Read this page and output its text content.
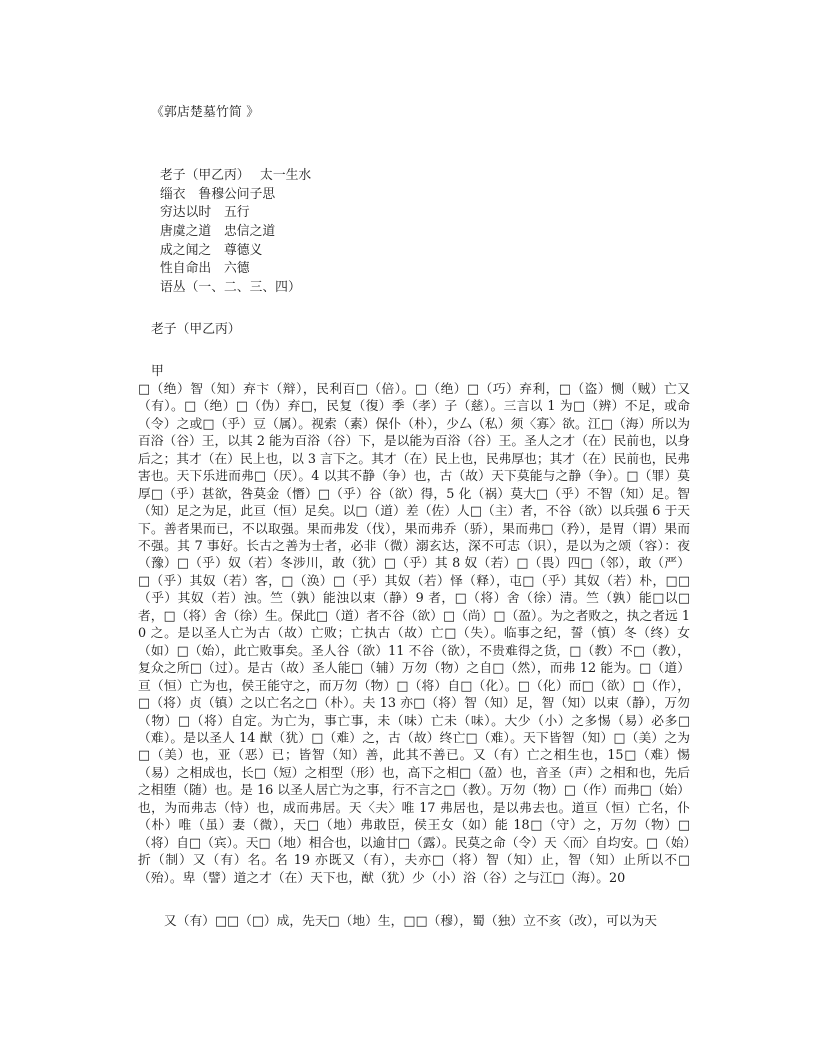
《郭店楚墓竹简 》
老子（甲乙丙）　 太一生水
缁衣　鲁穆公问子思
穷达以时　五行
唐虞之道　忠信之道
成之闻之　尊德义
性自命出　六德
语丛（一、二、三、四）
老子（甲乙丙）
甲

□（绝）智（知）弃卞（辩），民利百□（倍）。□（绝）□（巧）弃利，□（盗）恻（贼）亡又（有）。□（绝）□（伪）弃□，民复（復）季（孝）子（慈）。三言以 1 为□（辨）不足，或命（令）之或□（乎）豆（属）。视索（素）保仆（朴），少厶（私）须〈寡〉欲。江□（海）所以为百浴（谷）王，以其 2 能为百浴（谷）下，是以能为百浴（谷）王。圣人之才（在）民前也，以身后之；其才（在）民上也，以 3 言下之。其才（在）民上也，民弗厚也；其才（在）民前也，民弗害也。天下乐进而弗□（厌）。4 以其不静（争）也，古（故）天下莫能与之静（争）。□（罪）莫厚□（乎）甚欲，咎莫金（憯）□（乎）谷（欲）得，5 化（祸）莫大□（乎）不智（知）足。智（知）足之为足，此亘（恒）足矣。以□（道）差（佐）人□（主）者，不谷（欲）以兵强 6 于天下。善者果而已，不以取强。果而弗发（伐），果而弗乔（骄），果而弗□（矜），是胃（谓）果而不强。其 7 事好。长古之善为士者，必非（微）溺玄达，深不可志（识），是以为之颂（容）：夜（豫）□（乎）奴（若）冬涉川，敢（犹）□（乎）其 8 奴（若）□（畏）四□（邻），敢（严）□（乎）其奴（若）客，□（涣）□（乎）其奴（若）怿（释），屯□（乎）其奴（若）朴，□□（乎）其奴（若）浊。竺（孰）能浊以束（静）9 者，□（将）舍（徐）清。竺（孰）能□以□者，□（将）舍（徐）生。保此□（道）者不谷（欲）□（尚）□（盈）。为之者败之，执之者远 10 之。是以圣人亡为古（故）亡败；亡执古（故）亡□（失）。临事之纪，誓（慎）冬（终）女（如）□（始），此亡败事矣。圣人谷（欲）11 不谷（欲），不贵难得之货，□（教）不□（教），复众之所□（过）。是古（故）圣人能□（辅）万勿（物）之自□（然），而弗 12 能为。□（道）亘（恒）亡为也，侯王能守之，而万勿（物）□（将）自□（化）。□（化）而□（欲）□（作），□（将）贞（镇）之以亡名之□（朴）。夫 13 亦□（将）智（知）足，智（知）以束（静），万勿（物）□（将）自定。为亡为，事亡事，未（味）亡未（味）。大少（小）之多惕（易）必多□（难）。是以圣人 14 猷（犹）□（难）之，古（故）终亡□（难）。天下皆智（知）□（美）之为□（美）也，亚（恶）已；皆智（知）善，此其不善已。又（有）亡之相生也，15□（难）惕（易）之相成也，长□（短）之相型（形）也，高下之相□（盈）也，音圣（声）之相和也，先后之相堕（随）也。是 16 以圣人居亡为之事，行不言之□（教）。万勿（物）□（作）而弗□（始）也，为而弗志（恃）也，成而弗居。天〈夫〉唯 17 弗居也，是以弗去也。道亘（恒）亡名，仆（朴）唯（虽）妻（微），天□（地）弗敢臣，侯王女（如）能 18□（守）之，万勿（物）□（将）自□（宾）。天□（地）相合也，以逾甘□（露）。民莫之命（令）天〈而〉自均安。□（始）折（制）又（有）名。名 19 亦既又（有），夫亦□（将）智（知）止，智（知）止所以不□（殆）。卑（譬）道之才（在）天下也，猷（犹）少（小）浴（谷）之与江□（海）。20

又（有）□□（□）成，先天□（地）生，□□（穆），蜀（独）立不亥（改），可以为天
